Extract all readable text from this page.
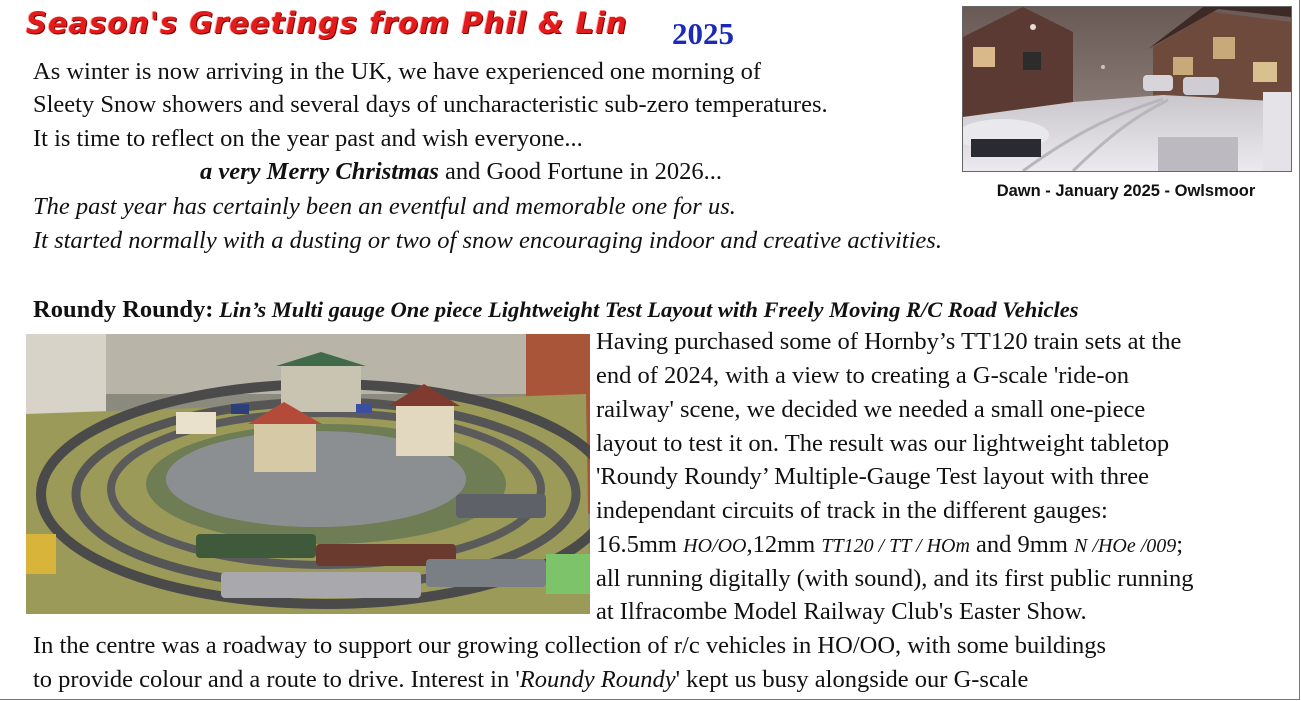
Season's Greetings from Phil & Lin 2025
As winter is now arriving in the UK, we have experienced one morning of
Sleety Snow showers and several days of uncharacteristic sub-zero temperatures.
It is time to reflect on the year past and wish everyone...
a very Merry Christmas and Good Fortune in 2026...
The past year has certainly been an eventful and memorable one for us.
It started normally with a dusting or two of snow encouraging indoor and creative activities.
Dawn - January 2025 - Owlsmoor
Roundy Roundy: Lin’s Multi gauge One piece Lightweight Test Layout with Freely Moving R/C Road Vehicles
Having purchased some of Hornby’s TT120 train sets at the
end of 2024, with a view to creating a G-scale 'ride-on
railway' scene, we decided we needed a small one-piece
layout to test it on. The result was our lightweight tabletop
'Roundy Roundy’ Multiple-Gauge Test layout with three
independant circuits of track in the different gauges:
16.5mm HO/OO,12mm TT120 / TT / HOm and 9mm N /HOe /009;
all running digitally (with sound), and its first public running
at Ilfracombe Model Railway Club's Easter Show.
In the centre was a roadway to support our growing collection of r/c vehicles in HO/OO, with some buildings
to provide colour and a route to drive. Interest in 'Roundy Roundy' kept us busy alongside our G-scale
